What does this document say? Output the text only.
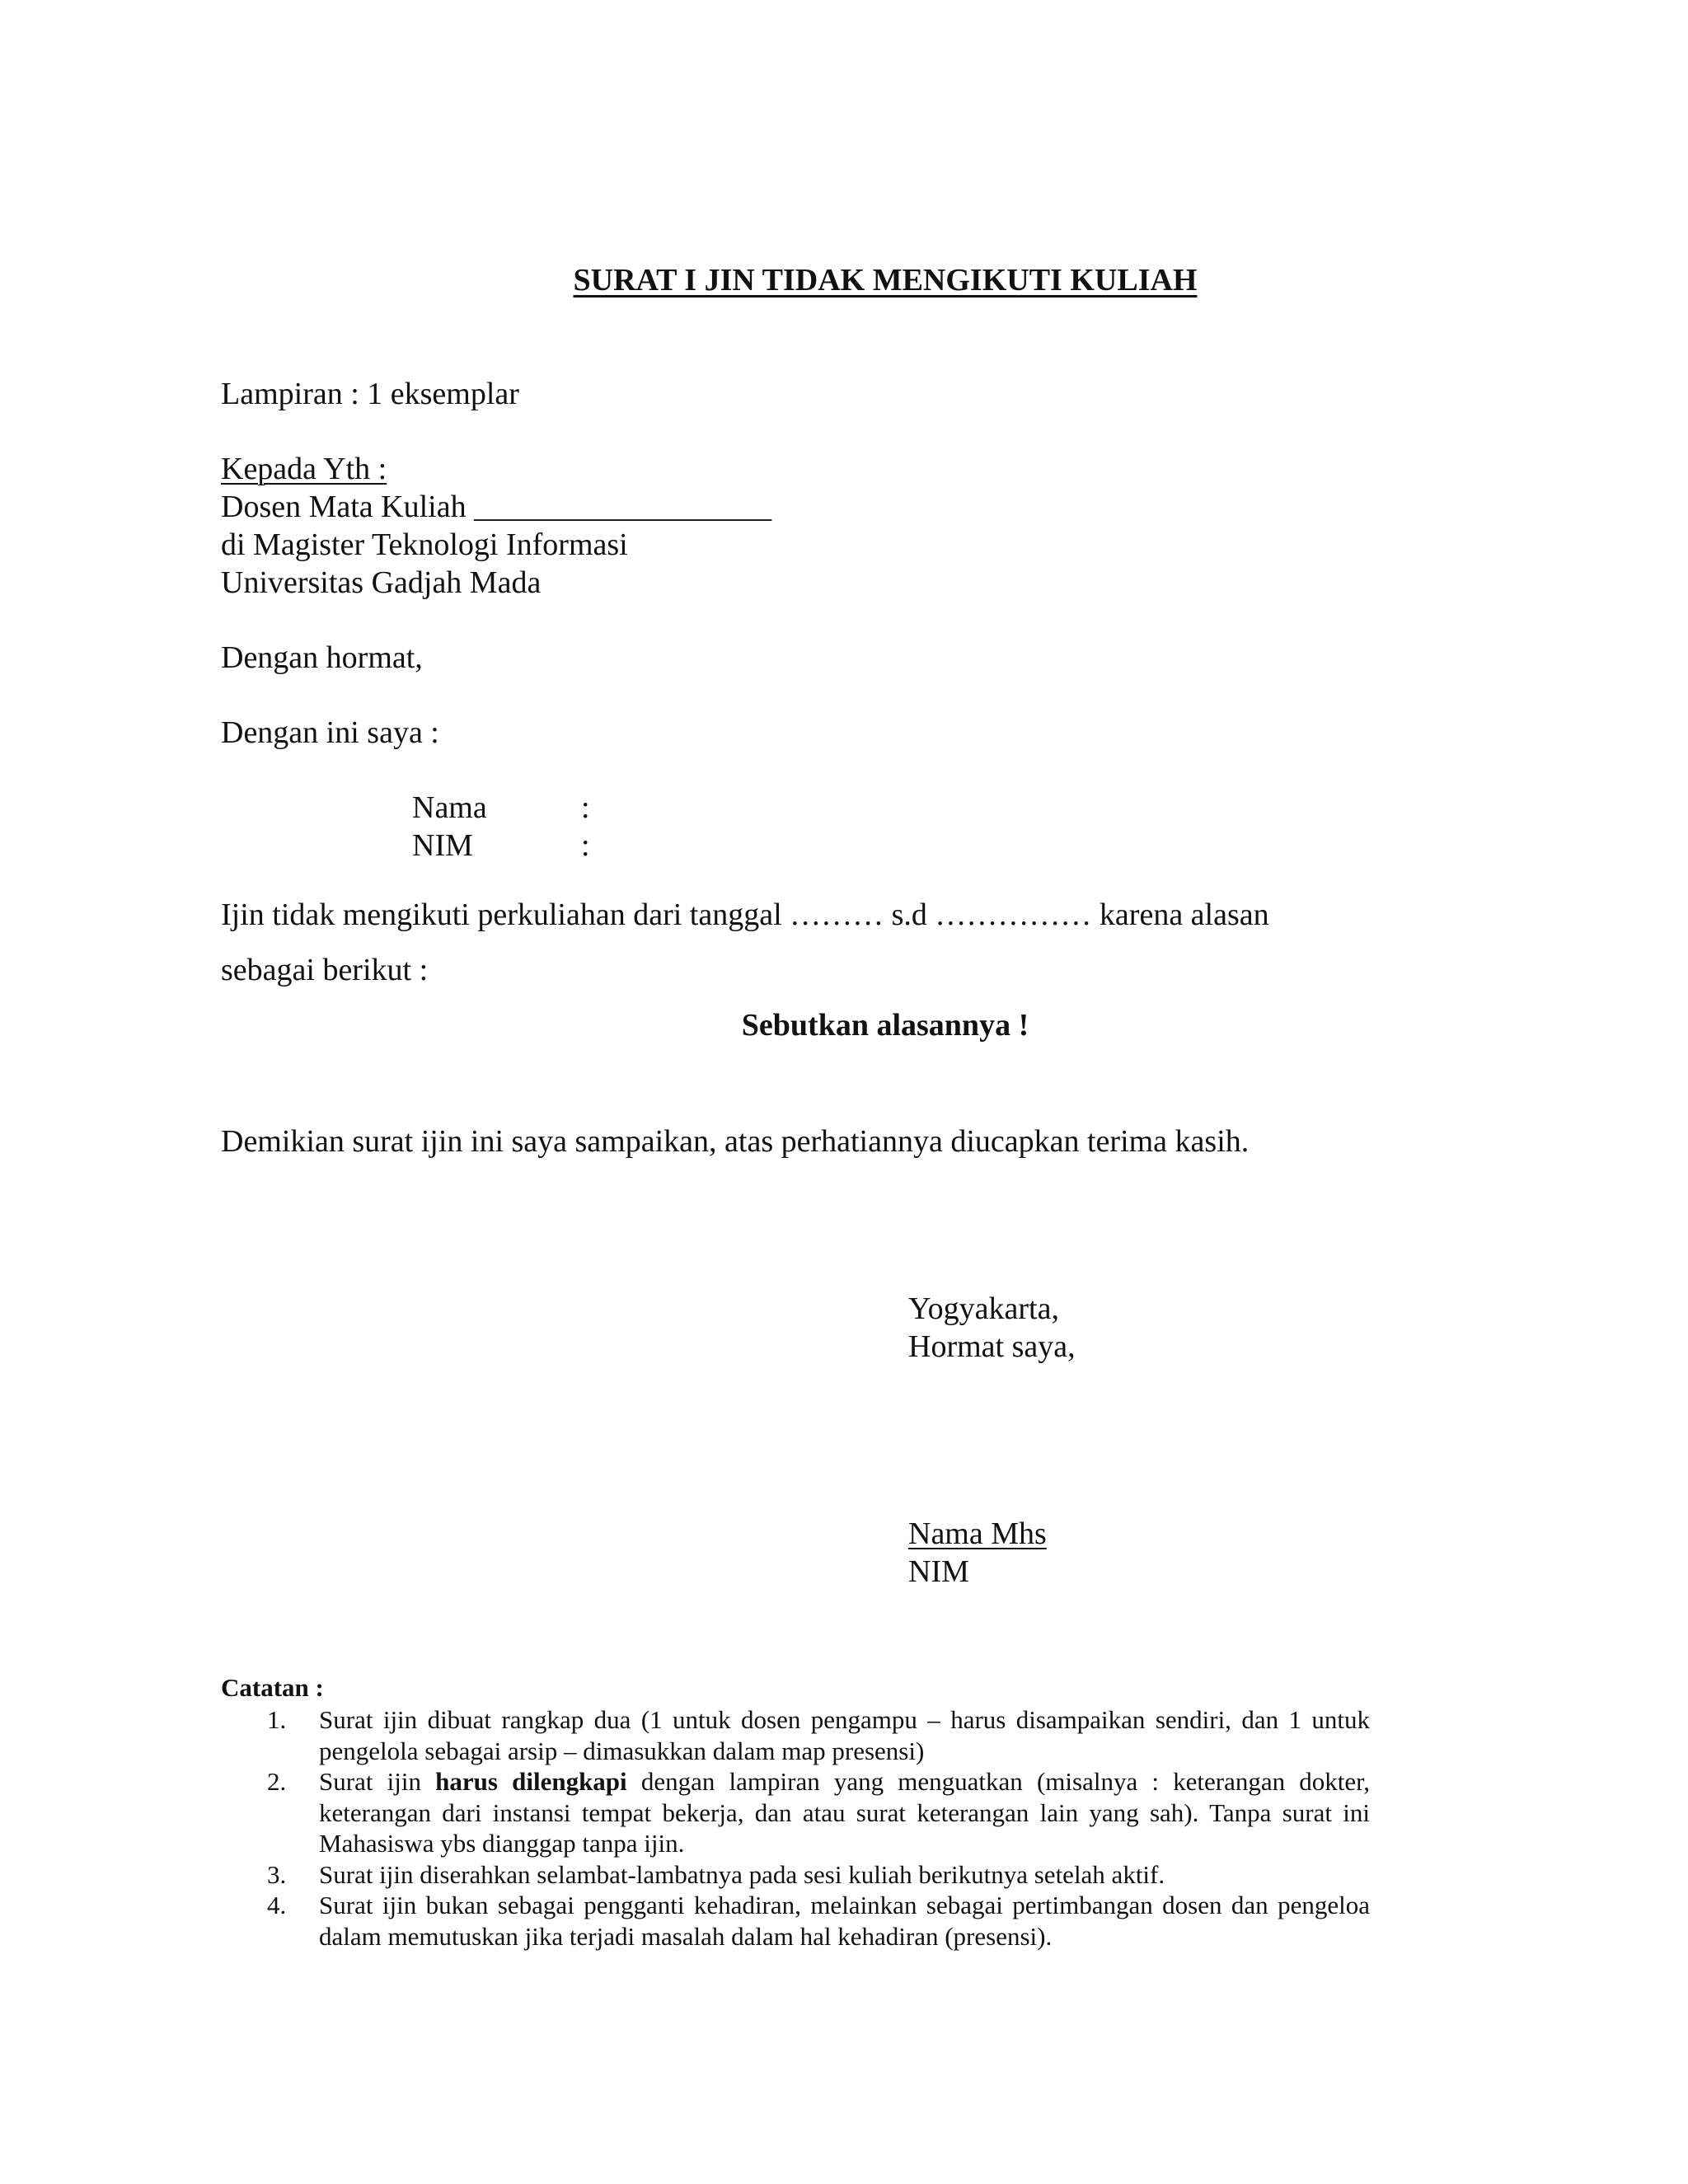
SURAT I JIN TIDAK MENGIKUTI KULIAH
Lampiran : 1 eksemplar
Kepada Yth :
Dosen Mata Kuliah ___________________
di Magister Teknologi Informasi
Universitas Gadjah Mada
Dengan hormat,
Dengan ini saya :
Nama	:
NIM	:
Ijin tidak mengikuti perkuliahan dari tanggal ……… s.d …………… karena alasan
sebagai berikut :
Sebutkan alasannya !
Demikian surat ijin ini saya sampaikan, atas perhatiannya diucapkan terima kasih.
Yogyakarta,
Hormat saya,
Nama Mhs
NIM
Catatan :
1. Surat ijin dibuat rangkap dua (1 untuk dosen pengampu – harus disampaikan sendiri, dan 1 untuk pengelola sebagai arsip – dimasukkan dalam map presensi)
2. Surat ijin harus dilengkapi dengan lampiran yang menguatkan (misalnya : keterangan dokter, keterangan dari instansi tempat bekerja, dan atau surat keterangan lain yang sah). Tanpa surat ini Mahasiswa ybs dianggap tanpa ijin.
3. Surat ijin diserahkan selambat-lambatnya pada sesi kuliah berikutnya setelah aktif.
4. Surat ijin bukan sebagai pengganti kehadiran, melainkan sebagai pertimbangan dosen dan pengeloa dalam memutuskan jika terjadi masalah dalam hal kehadiran (presensi).
